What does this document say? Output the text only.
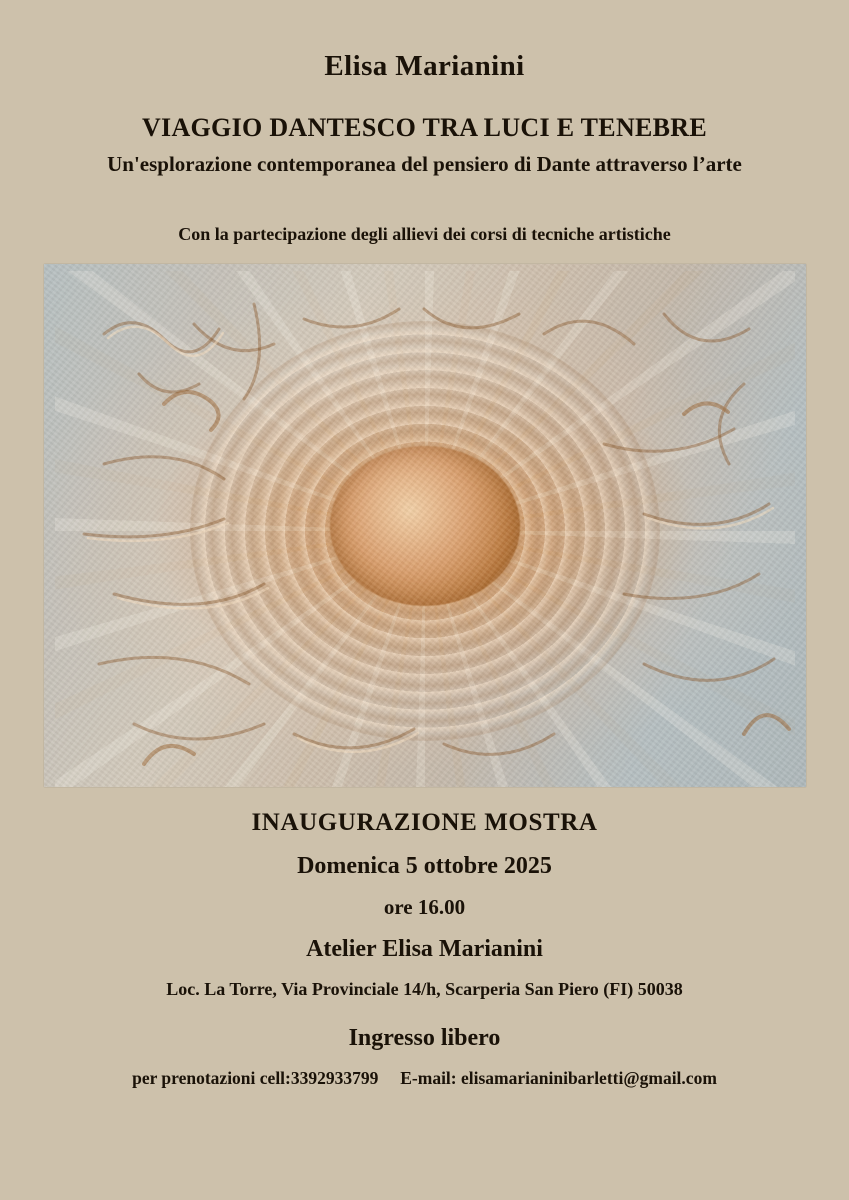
Elisa Marianini
VIAGGIO DANTESCO TRA LUCI E TENEBRE
Un'esplorazione contemporanea del pensiero di Dante attraverso l’arte
Con la partecipazione degli allievi dei corsi di tecniche artistiche
INAUGURAZIONE MOSTRA
Domenica 5 ottobre 2025
ore 16.00
Atelier Elisa Marianini
Loc. La Torre, Via Provinciale 14/h, Scarperia San Piero (FI) 50038
Ingresso libero
per prenotazioni cell:3392933799     E-mail: elisamarianinibarletti@gmail.com
